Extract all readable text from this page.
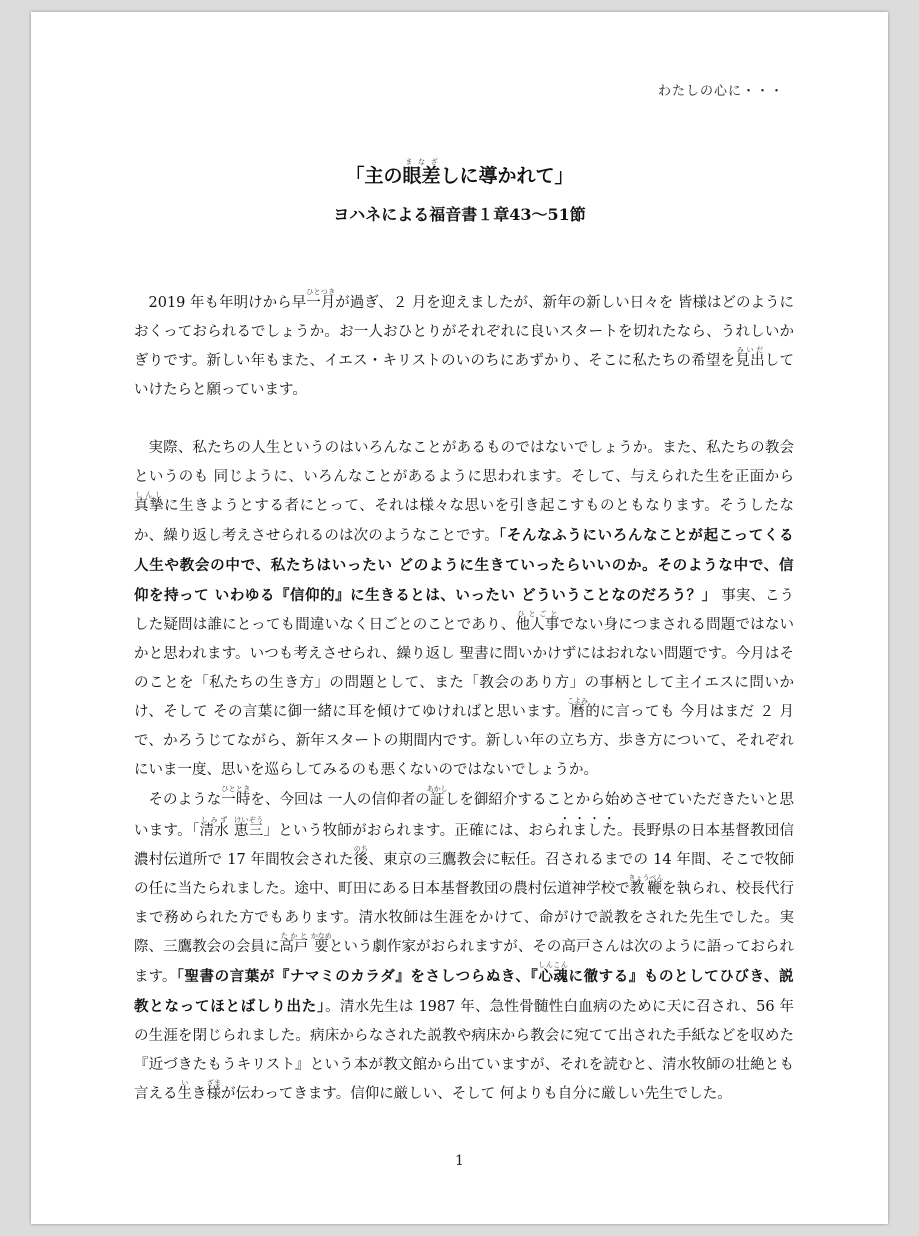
わたしの心に・・・
「主の眼差まなざしに導かれて」
ヨハネによる福音書１章43〜51節

2019 年も年明けから早一月ひとつきが過ぎ、２ 月を迎えましたが、新年の新しい日々を 皆様はどのようにおくっておられるでしょうか。お一人おひとりがそれぞれに良いスタートを切れたなら、うれしいかぎりです。新しい年もまた、イエス・キリストのいのちにあずかり、そこに私たちの希望を見出みいだしていけたらと願っています。

実際、私たちの人生というのはいろんなことがあるものではないでしょうか。また、私たちの教会というのも 同じように、いろんなことがあるように思われます。そして、与えられた生を正面から真摯しんしに生きようとする者にとって、それは様々な思いを引き起こすものともなります。そうしたなか、繰り返し考えさせられるのは次のようなことです。「そんなふうにいろんなことが起こってくる人生や教会の中で、私たちはいったい どのように生きていったらいいのか。そのような中で、信仰を持って いわゆる『信仰的』に生きるとは、いったい どういうことなのだろう？」 事実、こうした疑問は誰にとっても間違いなく日ごとのことであり、他人事ひとごとでない身につまされる問題ではないかと思われます。いつも考えさせられ、繰り返し 聖書に問いかけずにはおれない問題です。今月はそのことを「私たちの生き方」の問題として、また「教会のあり方」の事柄として主イエスに問いかけ、そして その言葉に御一緒に耳を傾けてゆければと思います。暦こよみ的に言っても 今月はまだ ２ 月で、かろうじてながら、新年スタートの期間内です。新しい年の立ち方、歩き方について、それぞれにいま一度、思いを巡らしてみるのも悪くないのではないでしょうか。

そのような一時ひとときを、今回は 一人の信仰者の証あかししを御紹介することから始めさせていただきたいと思います。「清水しみず 恵三けいぞう」という牧師がおられます。正確には、おられました。長野県の日本基督教団信濃村伝道所で 17 年間牧会された後のち、東京の三鷹教会に転任。召されるまでの 14 年間、そこで牧師の任に当たられました。途中、町田にある日本基督教団の農村伝道神学校で教鞭きょうべんを執られ、校長代行まで務められた方でもあります。清水牧師は生涯をかけて、命がけで説教をされた先生でした。実際、三鷹教会の会員に高戸たかと 要かなめという劇作家がおられますが、その高戸さんは次のように語っておられます。「聖書の言葉が『ナマミのカラダ』をさしつらぬき、『心魂しんこんに徹する』ものとしてひびき、説教となってほとばしり出た」。清水先生は 1987 年、急性骨髄性白血病のために天に召され、56 年の生涯を閉じられました。病床からなされた説教や病床から教会に宛てて出された手紙などを収めた『近づきたもうキリスト』という本が教文館から出ていますが、それを読むと、清水牧師の壮絶とも言える生いき様ざまが伝わってきます。信仰に厳しい、そして 何よりも自分に厳しい先生でした。

1
